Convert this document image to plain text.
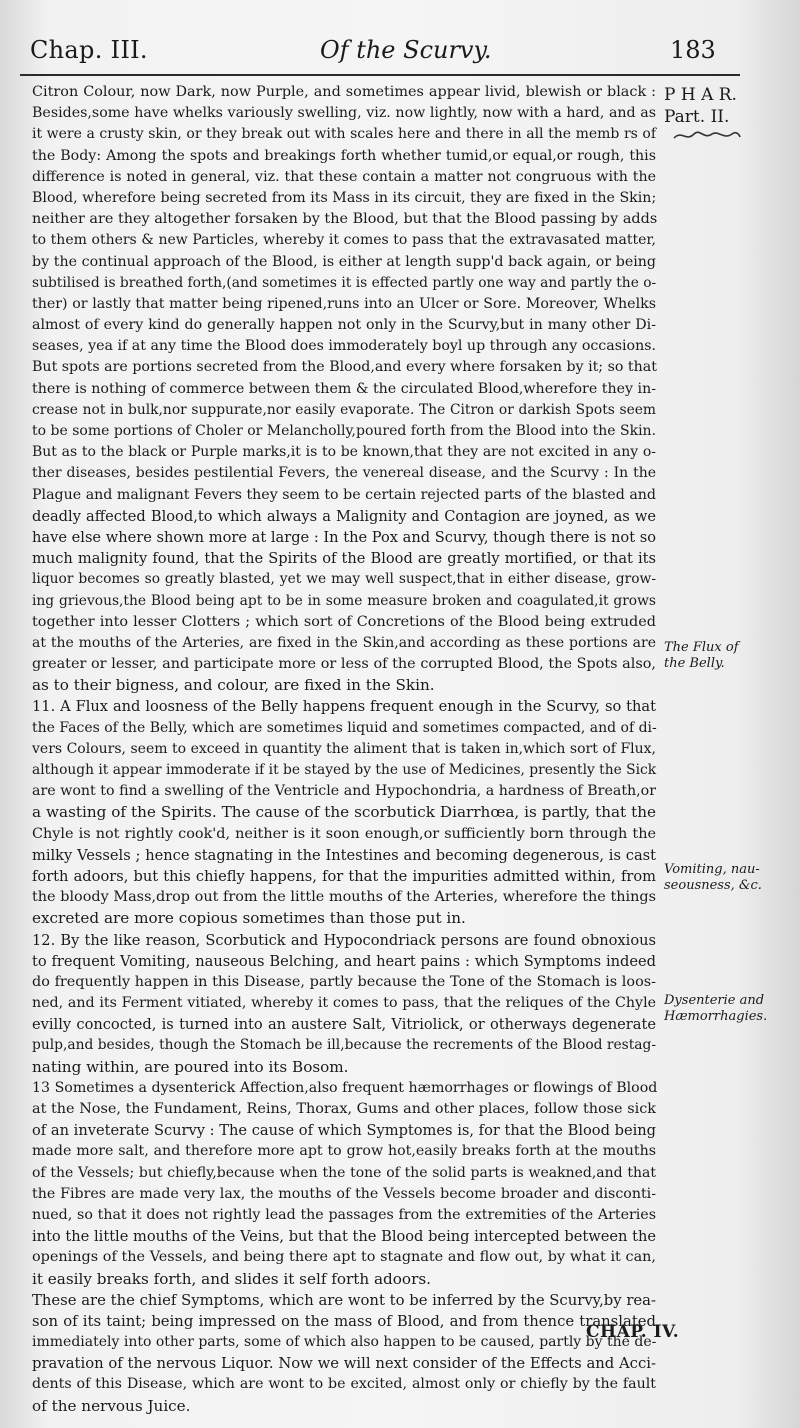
Chap. III.	Of the Scurvy.	183
P H A R.
Part. II.
Citron Colour, now Dark, now Purple, and sometimes appear livid, blewish or black :
Besides,some have whelks variously swelling, viz. now lightly, now with a hard, and as
it were a crusty skin, or they break out with scales here and there in all the memb rs of
the Body: Among the spots and breakings forth whether tumid,or equal,or rough, this
difference is noted in general, viz. that these contain a matter not congruous with the
Blood, wherefore being secreted from its Mass in its circuit, they are fixed in the Skin;
neither are they altogether forsaken by the Blood, but that the Blood passing by adds
to them others & new Particles, whereby it comes to pass that the extravasated matter,
by the continual approach of the Blood, is either at length supp'd back again, or being
subtilised is breathed forth,(and sometimes it is effected partly one way and partly the o-
ther) or lastly that matter being ripened,runs into an Ulcer or Sore. Moreover, Whelks
almost of every kind do generally happen not only in the Scurvy,but in many other Di-
seases, yea if at any time the Blood does immoderately boyl up through any occasions.
But spots are portions secreted from the Blood,and every where forsaken by it; so that
there is nothing of commerce between them & the circulated Blood,wherefore they in-
crease not in bulk,nor suppurate,nor easily evaporate. The Citron or darkish Spots seem
to be some portions of Choler or Melancholly,poured forth from the Blood into the Skin.
But as to the black or Purple marks,it is to be known,that they are not excited in any o-
ther diseases, besides pestilential Fevers, the venereal disease, and the Scurvy : In the
Plague and malignant Fevers they seem to be certain rejected parts of the blasted and
deadly affected Blood,to which always a Malignity and Contagion are joyned, as we
have else where shown more at large : In the Pox and Scurvy, though there is not so
much malignity found, that the Spirits of the Blood are greatly mortified, or that its
liquor becomes so greatly blasted, yet we may well suspect,that in either disease, grow-
ing grievous,the Blood being apt to be in some measure broken and coagulated,it grows
together into lesser Clotters ; which sort of Concretions of the Blood being extruded
at the mouths of the Arteries, are fixed in the Skin,and according as these portions are
greater or lesser, and participate more or less of the corrupted Blood, the Spots also,
as to their bigness, and colour, are fixed in the Skin.
11. A Flux and loosness of the Belly happens frequent enough in the Scurvy, so that
the Faces of the Belly, which are sometimes liquid and sometimes compacted, and of di-
vers Colours, seem to exceed in quantity the aliment that is taken in,which sort of Flux,
although it appear immoderate if it be stayed by the use of Medicines, presently the Sick
are wont to find a swelling of the Ventricle and Hypochondria, a hardness of Breath,or
a wasting of the Spirits. The cause of the scorbutick Diarrhœa, is partly, that the
Chyle is not rightly cook'd, neither is it soon enough,or sufficiently born through the
milky Vessels ; hence stagnating in the Intestines and becoming degenerous, is cast
forth adoors, but this chiefly happens, for that the impurities admitted within, from
the bloody Mass,drop out from the little mouths of the Arteries, wherefore the things
excreted are more copious sometimes than those put in.
12. By the like reason, Scorbutick and Hypocondriack persons are found obnoxious
to frequent Vomiting, nauseous Belching, and heart pains : which Symptoms indeed
do frequently happen in this Disease, partly because the Tone of the Stomach is loos-
ned, and its Ferment vitiated, whereby it comes to pass, that the reliques of the Chyle
evilly concocted, is turned into an austere Salt, Vitriolick, or otherways degenerate
pulp,and besides, though the Stomach be ill,because the recrements of the Blood restag-
nating within, are poured into its Bosom.
13 Sometimes a dysenterick Affection,also frequent hæmorrhages or flowings of Blood
at the Nose, the Fundament, Reins, Thorax, Gums and other places, follow those sick
of an inveterate Scurvy : The cause of which Symptomes is, for that the Blood being
made more salt, and therefore more apt to grow hot,easily breaks forth at the mouths
of the Vessels; but chiefly,because when the tone of the solid parts is weakned,and that
the Fibres are made very lax, the mouths of the Vessels become broader and disconti-
nued, so that it does not rightly lead the passages from the extremities of the Arteries
into the little mouths of the Veins, but that the Blood being intercepted between the
openings of the Vessels, and being there apt to stagnate and flow out, by what it can,
it easily breaks forth, and slides it self forth adoors.
These are the chief Symptoms, which are wont to be inferred by the Scurvy,by rea-
son of its taint; being impressed on the mass of Blood, and from thence translated
immediately into other parts, some of which also happen to be caused, partly by the de-
pravation of the nervous Liquor. Now we will next consider of the Effects and Acci-
dents of this Disease, which are wont to be excited, almost only or chiefly by the fault
of the nervous Juice.
The Flux of the Belly.
Vomiting, nau- seousness, &c.
Dysenterie and Hæmorrhagies.
CHAP. IV.
